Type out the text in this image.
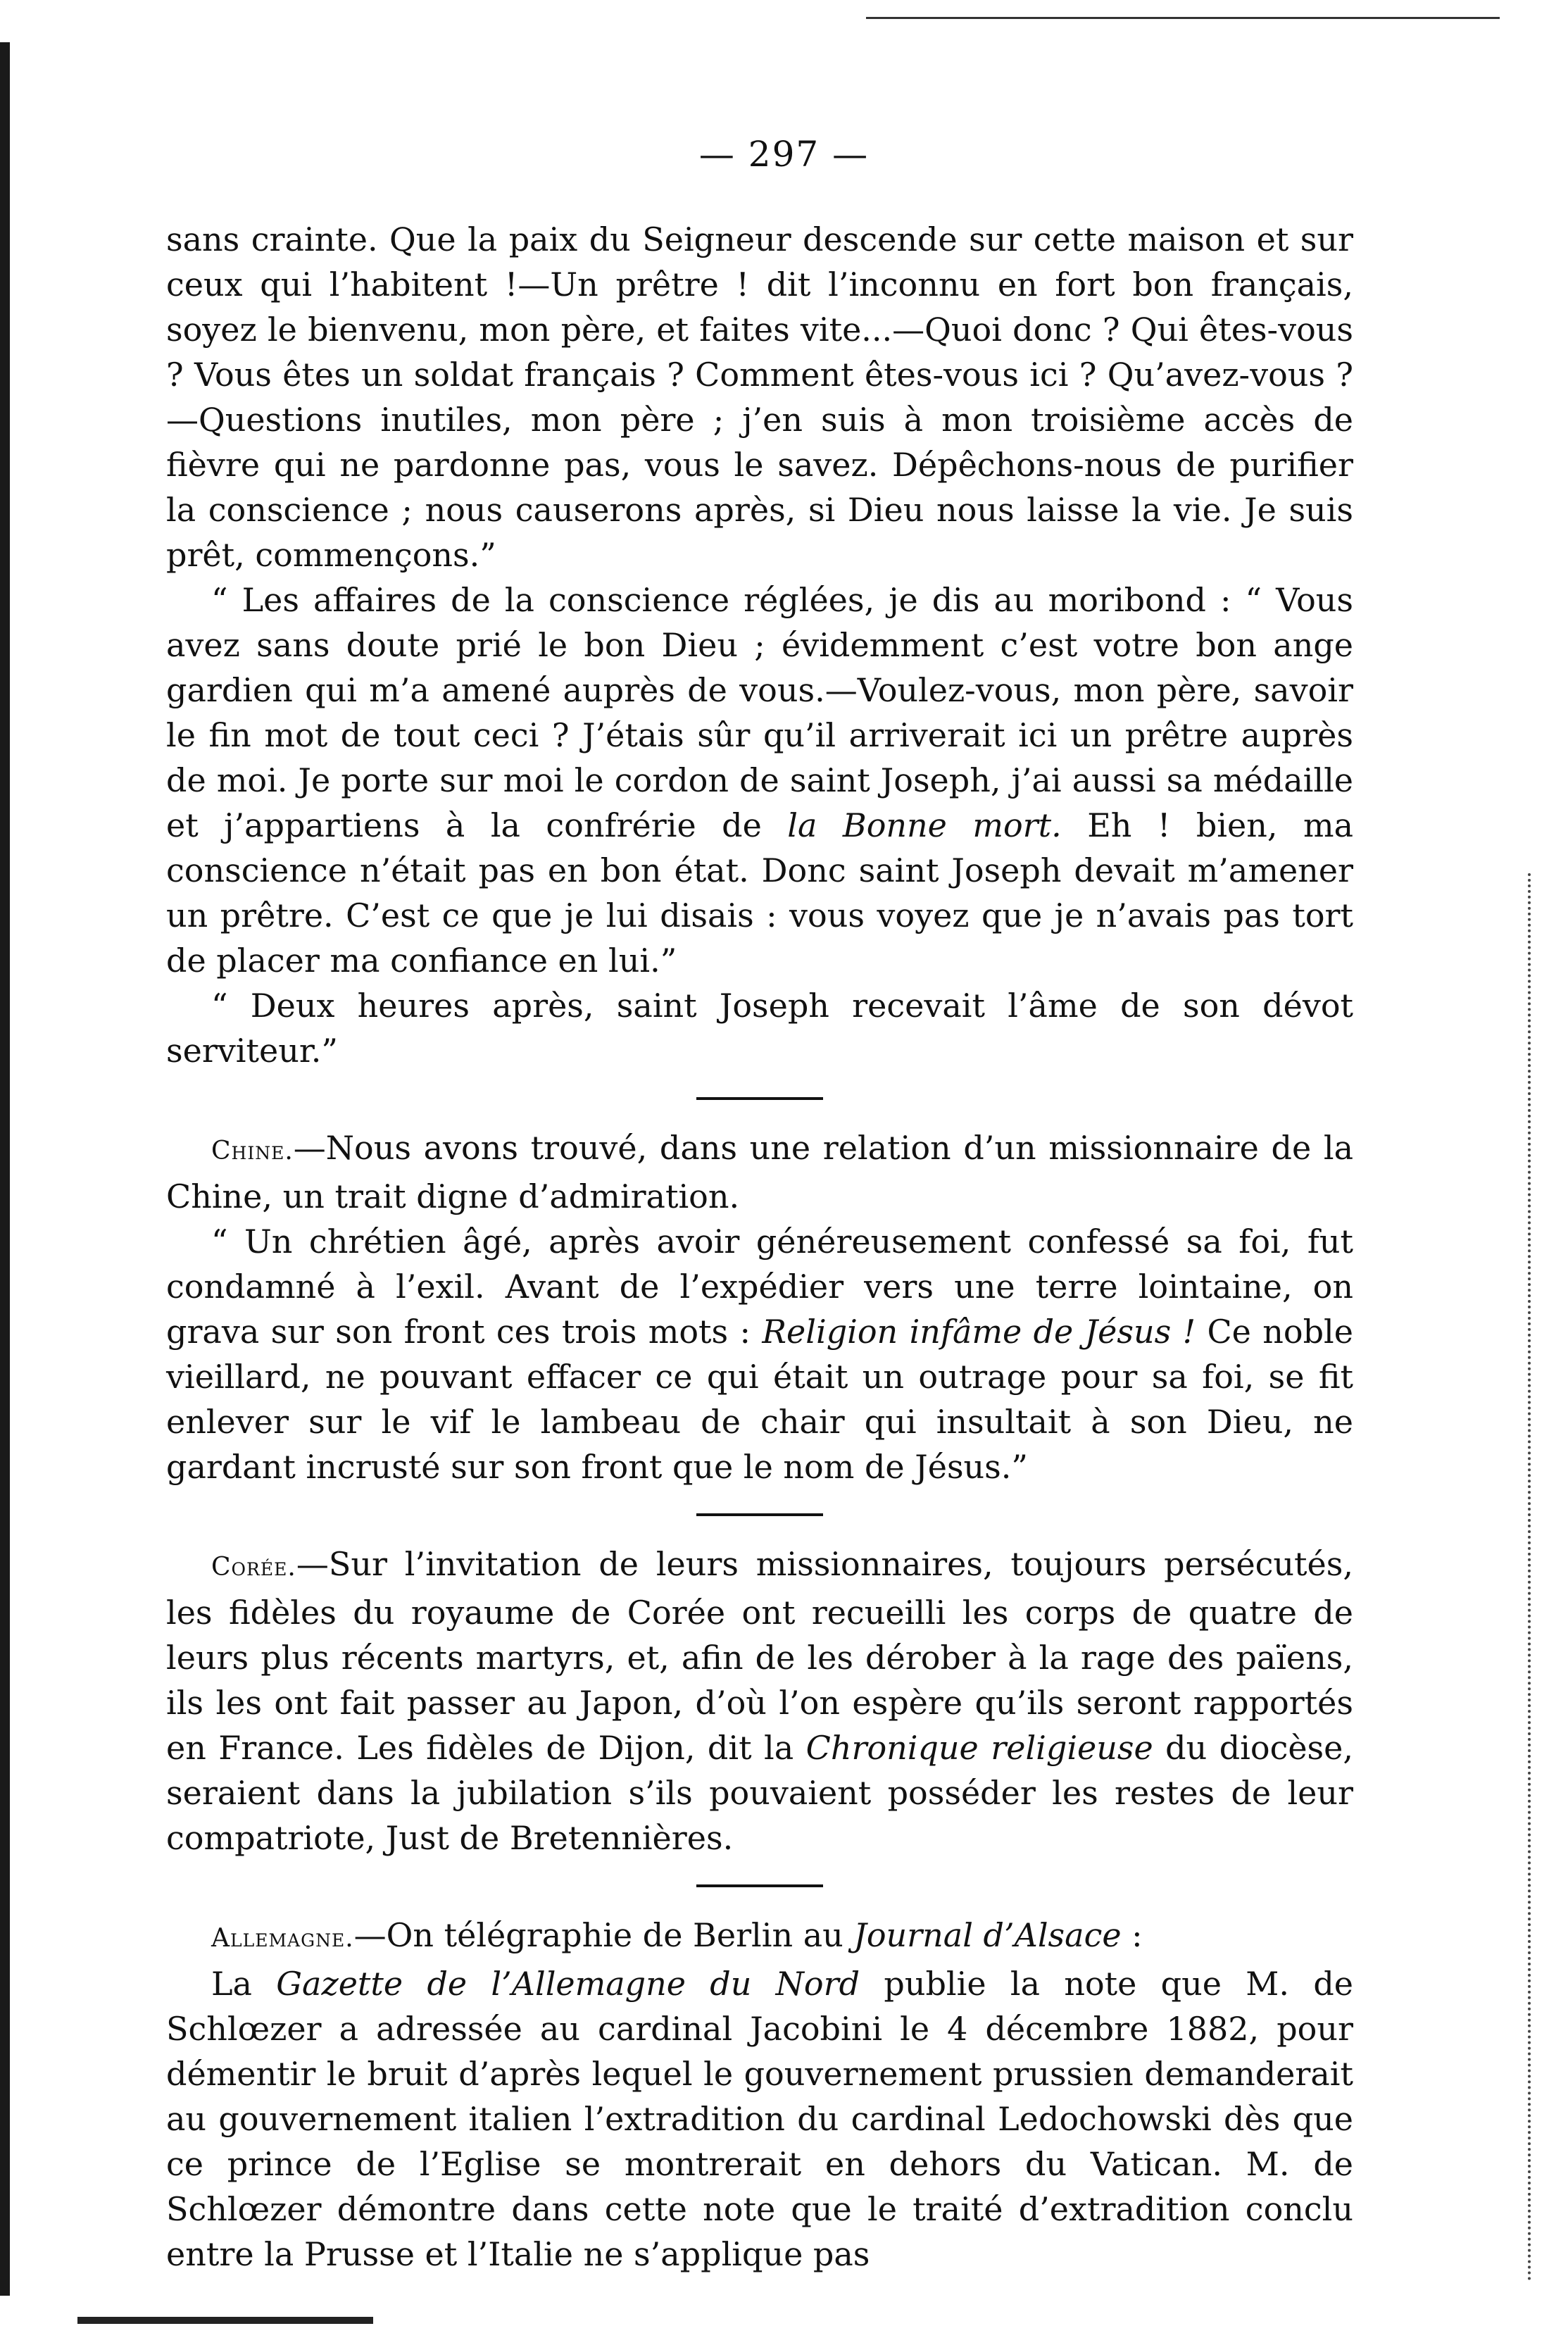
— 297 —

sans crainte. Que la paix du Seigneur descende sur cette maison et sur ceux qui l’habitent !—Un prêtre ! dit l’inconnu en fort bon français, soyez le bienvenu, mon père, et faites vite...—Quoi donc ? Qui êtes-vous ? Vous êtes un soldat français ? Comment êtes-vous ici ? Qu’avez-vous ?—Questions inutiles, mon père ; j’en suis à mon troisième accès de fièvre qui ne pardonne pas, vous le savez. Dépêchons-nous de purifier la conscience ; nous causerons après, si Dieu nous laisse la vie. Je suis prêt, commençons.”

“ Les affaires de la conscience réglées, je dis au moribond : “ Vous avez sans doute prié le bon Dieu ; évidemment c’est votre bon ange gardien qui m’a amené auprès de vous.—Voulez-vous, mon père, savoir le fin mot de tout ceci ? J’étais sûr qu’il arriverait ici un prêtre auprès de moi. Je porte sur moi le cordon de saint Joseph, j’ai aussi sa médaille et j’appartiens à la confrérie de la Bonne mort. Eh ! bien, ma conscience n’était pas en bon état. Donc saint Joseph devait m’amener un prêtre. C’est ce que je lui disais : vous voyez que je n’avais pas tort de placer ma confiance en lui.”

“ Deux heures après, saint Joseph recevait l’âme de son dévot serviteur.”

Chine.—Nous avons trouvé, dans une relation d’un missionnaire de la Chine, un trait digne d’admiration.

“ Un chrétien âgé, après avoir généreusement confessé sa foi, fut condamné à l’exil. Avant de l’expédier vers une terre lointaine, on grava sur son front ces trois mots : Religion infâme de Jésus ! Ce noble vieillard, ne pouvant effacer ce qui était un outrage pour sa foi, se fit enlever sur le vif le lambeau de chair qui insultait à son Dieu, ne gardant incrusté sur son front que le nom de Jésus.”

Corée.—Sur l’invitation de leurs missionnaires, toujours persécutés, les fidèles du royaume de Corée ont recueilli les corps de quatre de leurs plus récents martyrs, et, afin de les dérober à la rage des païens, ils les ont fait passer au Japon, d’où l’on espère qu’ils seront rapportés en France. Les fidèles de Dijon, dit la Chronique religieuse du diocèse, seraient dans la jubilation s’ils pouvaient posséder les restes de leur compatriote, Just de Bretennières.

Allemagne.—On télégraphie de Berlin au Journal d’Alsace :

La Gazette de l’Allemagne du Nord publie la note que M. de Schlœzer a adressée au cardinal Jacobini le 4 décembre 1882, pour démentir le bruit d’après lequel le gouvernement prussien demanderait au gouvernement italien l’extradition du cardinal Ledochowski dès que ce prince de l’Eglise se montrerait en dehors du Vatican. M. de Schlœzer démontre dans cette note que le traité d’extradition conclu entre la Prusse et l’Italie ne s’applique pas
